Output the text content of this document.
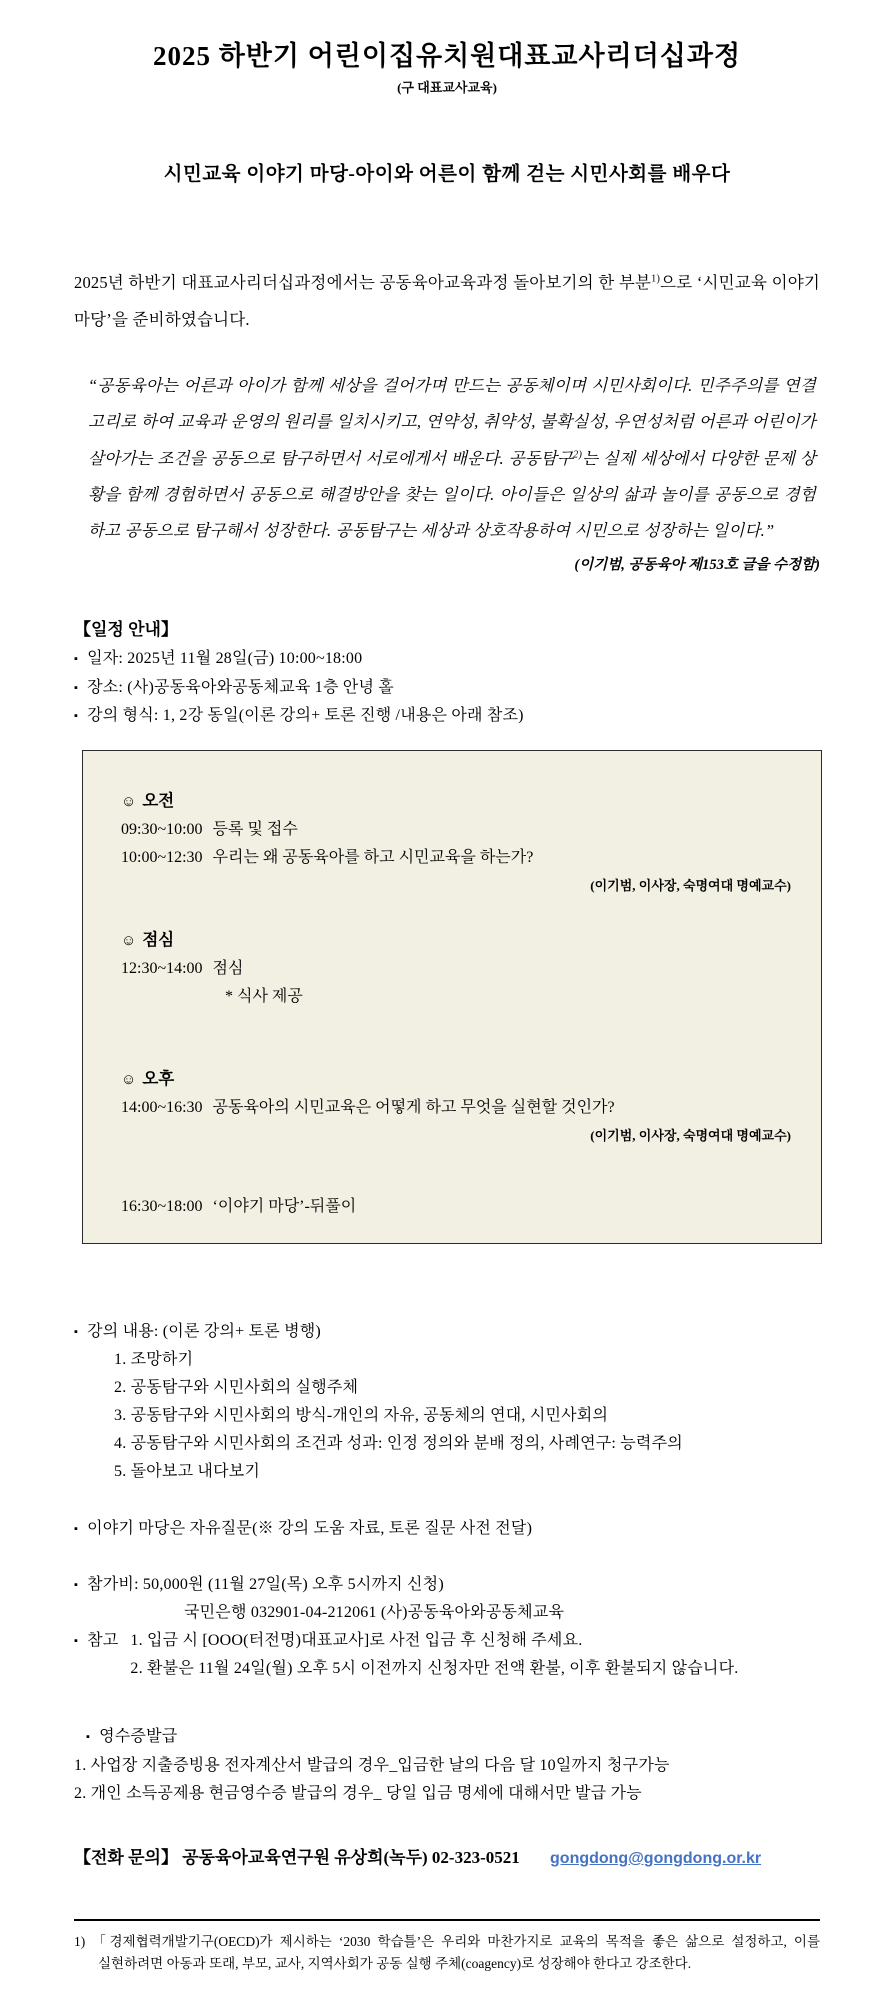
2025 하반기 어린이집유치원대표교사리더십과정
(구 대표교사교육)
시민교육 이야기 마당-아이와 어른이 함께 걷는 시민사회를 배우다

2025년 하반기 대표교사리더십과정에서는 공동육아교육과정 돌아보기의 한 부분$^{1)}$으로 ‘시민교육 이야기 마당’을 준비하였습니다.

“공동육아는 어른과 아이가 함께 세상을 걸어가며 만드는 공동체이며 시민사회이다. 민주주의를 연결고리로 하여 교육과 운영의 원리를 일치시키고, 연약성, 취약성, 불확실성, 우연성처럼 어른과 어린이가 살아가는 조건을 공동으로 탐구하면서 서로에게서 배운다. 공동탐구$^{2)}$는 실제 세상에서 다양한 문제 상황을 함께 경험하면서 공동으로 해결방안을 찾는 일이다. 아이들은 일상의 삶과 놀이를 공동으로 경험하고 공동으로 탐구해서 성장한다. 공동탐구는 세상과 상호작용하여 시민으로 성장하는 일이다.”
(이기범, 공동육아 제153호 글을 수정함)
【일정 안내】
▪ 일자: 2025년 11월 28일(금) 10:00~18:00
▪ 장소: (사)공동육아와공동체교육 1층 안녕 홀
▪ 강의 형식: 1, 2강 동일(이론 강의+ 토론 진행 /내용은 아래 참조)
☺ 오전
09:30~10:00 등록 및 접수
10:00~12:30 우리는 왜 공동육아를 하고 시민교육을 하는가?
(이기범, 이사장, 숙명여대 명예교수)
☺ 점심
12:30~14:00 점심
* 식사 제공
☺ 오후
14:00~16:30 공동육아의 시민교육은 어떻게 하고 무엇을 실현할 것인가?
(이기범, 이사장, 숙명여대 명예교수)
16:30~18:00 ‘이야기 마당’-뒤풀이
▪ 강의 내용: (이론 강의+ 토론 병행)
1. 조망하기
2. 공동탐구와 시민사회의 실행주체
3. 공동탐구와 시민사회의 방식-개인의 자유, 공동체의 연대, 시민사회의
4. 공동탐구와 시민사회의 조건과 성과: 인정 정의와 분배 정의, 사례연구: 능력주의
5. 돌아보고 내다보기
▪ 이야기 마당은 자유질문(※ 강의 도움 자료, 토론 질문 사전 전달)
▪ 참가비: 50,000원 (11월 27일(목) 오후 5시까지 신청)
국민은행 032901-04-212061 (사)공동육아와공동체교육
▪ 참고 1. 입금 시 [OOO(터전명)대표교사]로 사전 입금 후 신청해 주세요.
2. 환불은 11월 24일(월) 오후 5시 이전까지 신청자만 전액 환불, 이후 환불되지 않습니다.
▪ 영수증발급
1. 사업장 지출증빙용 전자계산서 발급의 경우_입금한 날의 다음 달 10일까지 청구가능
2. 개인 소득공제용 현금영수증 발급의 경우_ 당일 입금 명세에 대해서만 발급 가능
【전화 문의】 공동육아교육연구원 유상희(녹두) 02-323-0521 gongdong@gongdong.or.kr
1) 「경제협력개발기구(OECD)가 제시하는 ‘2030 학습틀’은 우리와 마찬가지로 교육의 목적을 좋은 삶으로 설정하고, 이를 실현하려면 아동과 또래, 부모, 교사, 지역사회가 공동 실행 주체(coagency)로 성장해야 한다고 강조한다.
